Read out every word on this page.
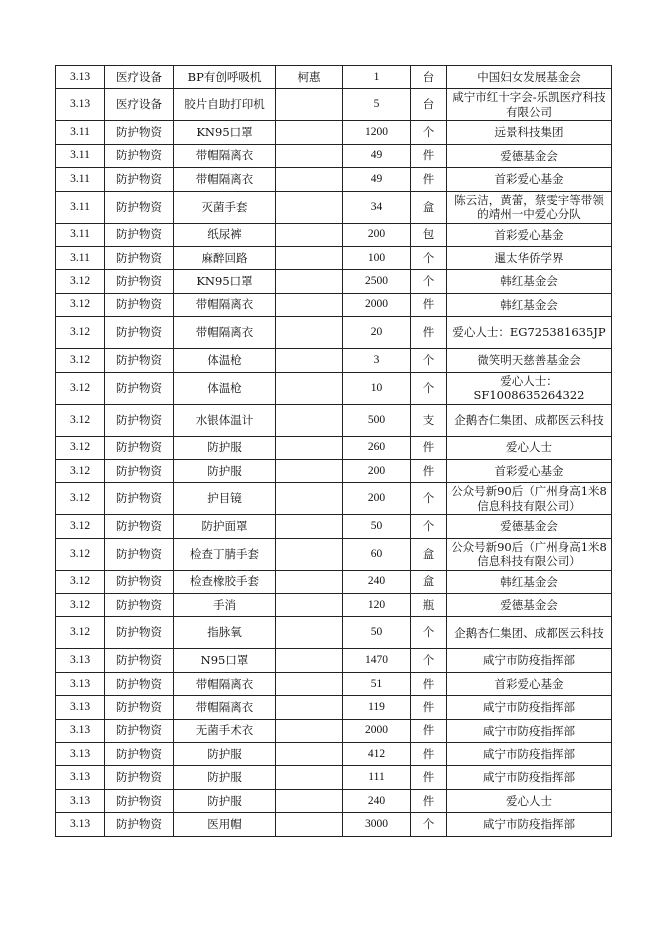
3.13	医疗设备	BP有创呼吸机	柯惠	1	台	中国妇女发展基金会
3.13	医疗设备	胶片自助打印机		5	台	咸宁市红十字会-乐凯医疗科技有限公司
3.11	防护物资	KN95口罩		1200	个	远景科技集团
3.11	防护物资	带帽隔离衣		49	件	爱德基金会
3.11	防护物资	带帽隔离衣		49	件	首彩爱心基金
3.11	防护物资	灭菌手套		34	盒	陈云洁，黄蕾，蔡雯宇等带领的靖州一中爱心分队
3.11	防护物资	纸尿裤		200	包	首彩爱心基金
3.11	防护物资	麻醉回路		100	个	暹太华侨学界
3.12	防护物资	KN95口罩		2500	个	韩红基金会
3.12	防护物资	带帽隔离衣		2000	件	韩红基金会
3.12	防护物资	带帽隔离衣		20	件	爱心人士：EG725381635JP
3.12	防护物资	体温枪		3	个	微笑明天慈善基金会
3.12	防护物资	体温枪		10	个	爱心人士：SF1008635264322
3.12	防护物资	水银体温计		500	支	企鹅杏仁集团、成都医云科技
3.12	防护物资	防护服		260	件	爱心人士
3.12	防护物资	防护服		200	件	首彩爱心基金
3.12	防护物资	护目镜		200	个	公众号新90后（广州身高1米8信息科技有限公司）
3.12	防护物资	防护面罩		50	个	爱德基金会
3.12	防护物资	检查丁腈手套		60	盒	公众号新90后（广州身高1米8信息科技有限公司）
3.12	防护物资	检查橡胶手套		240	盒	韩红基金会
3.12	防护物资	手消		120	瓶	爱德基金会
3.12	防护物资	指脉氧		50	个	企鹅杏仁集团、成都医云科技
3.13	防护物资	N95口罩		1470	个	咸宁市防疫指挥部
3.13	防护物资	带帽隔离衣		51	件	首彩爱心基金
3.13	防护物资	带帽隔离衣		119	件	咸宁市防疫指挥部
3.13	防护物资	无菌手术衣		2000	件	咸宁市防疫指挥部
3.13	防护物资	防护服		412	件	咸宁市防疫指挥部
3.13	防护物资	防护服		111	件	咸宁市防疫指挥部
3.13	防护物资	防护服		240	件	爱心人士
3.13	防护物资	医用帽		3000	个	咸宁市防疫指挥部
